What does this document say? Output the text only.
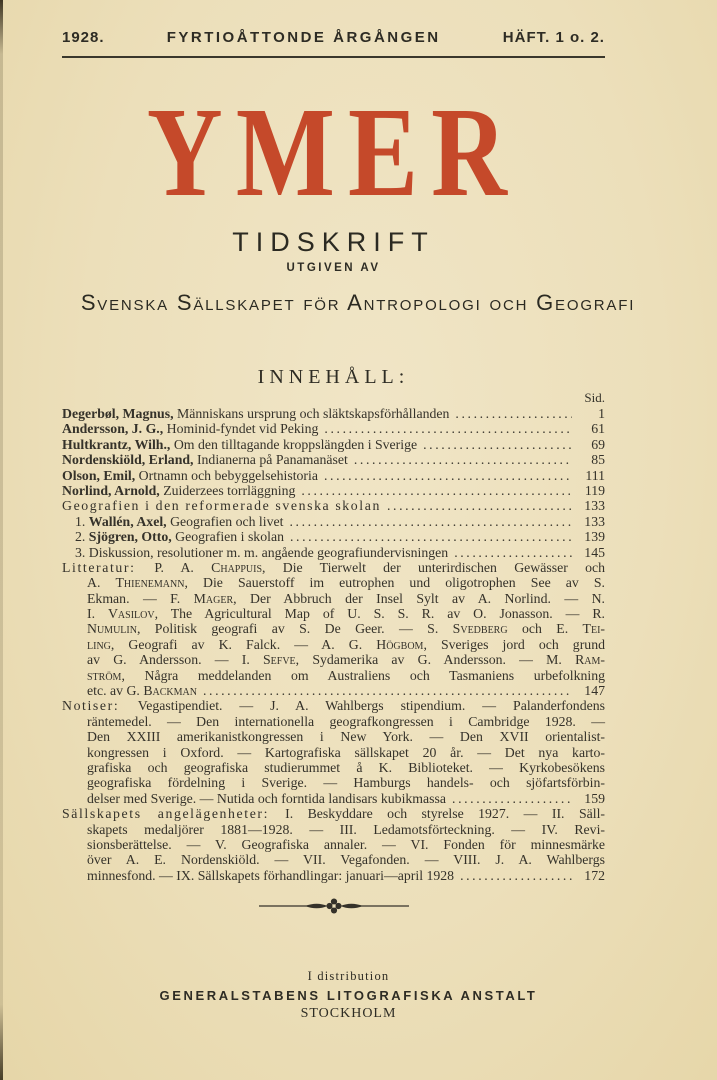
1928.	FYRTIOÅTTONDE ÅRGÅNGEN	HÄFT. 1 o. 2.
YMER
TIDSKRIFT
UTGIVEN AV
Svenska Sällskapet för Antropologi och Geografi
INNEHÅLL:
Sid.
Degerbøl, Magnus, Människans ursprung och släktskapsförhållanden .....	1
Andersson, J. G., Hominid-fyndet vid Peking .....	61
Hultkrantz, Wilh., Om den tilltagande kroppslängden i Sverige .....	69
Nordenskiöld, Erland, Indianerna på Panamanäset .....	85
Olson, Emil, Ortnamn och bebyggelsehistoria .....	111
Norlind, Arnold, Zuiderzees torrläggning .....	119
Geografien i den reformerade svenska skolan .....	133
1. Wallén, Axel, Geografien och livet .....	133
2. Sjögren, Otto, Geografien i skolan .....	139
3. Diskussion, resolutioner m. m. angående geografiundervisningen .....	145
Litteratur: P. A. Chappuis, Die Tierwelt der unterirdischen Gewässer och
A. Thienemann, Die Sauerstoff im eutrophen und oligotrophen See av S.
Ekman. — F. Mager, Der Abbruch der Insel Sylt av A. Norlind. — N.
I. Vasilov, The Agricultural Map of U. S. S. R. av O. Jonasson. — R.
Numulin, Politisk geografi av S. De Geer. — S. Svedberg och E. Tei-
ling, Geografi av K. Falck. — A. G. Högbom, Sveriges jord och grund
av G. Andersson. — I. Sefve, Sydamerika av G. Andersson. — M. Ram-
ström, Några meddelanden om Australiens och Tasmaniens urbefolkning
etc. av G. Backman .....	147
Notiser: Vegastipendiet. — J. A. Wahlbergs stipendium. — Palanderfondens
räntemedel. — Den internationella geografkongressen i Cambridge 1928. —
Den XXIII amerikanistkongressen i New York. — Den XVII orientalist-
kongressen i Oxford. — Kartografiska sällskapet 20 år. — Det nya karto-
grafiska och geografiska studierummet å K. Biblioteket. — Kyrkobesökens
geografiska fördelning i Sverige. — Hamburgs handels- och sjöfartsförbin-
delser med Sverige. — Nutida och forntida landisars kubikmassa .....	159
Sällskapets angelägenheter: I. Beskyddare och styrelse 1927. — II. Säll-
skapets medaljörer 1881—1928. — III. Ledamotsförteckning. — IV. Revi-
sionsberättelse. — V. Geografiska annaler. — VI. Fonden för minnesmärke
över A. E. Nordenskiöld. — VII. Vegafonden. — VIII. J. A. Wahlbergs
minnesfond. — IX. Sällskapets förhandlingar: januari—april 1928 .....	172
I distribution
GENERALSTABENS LITOGRAFISKA ANSTALT
STOCKHOLM
